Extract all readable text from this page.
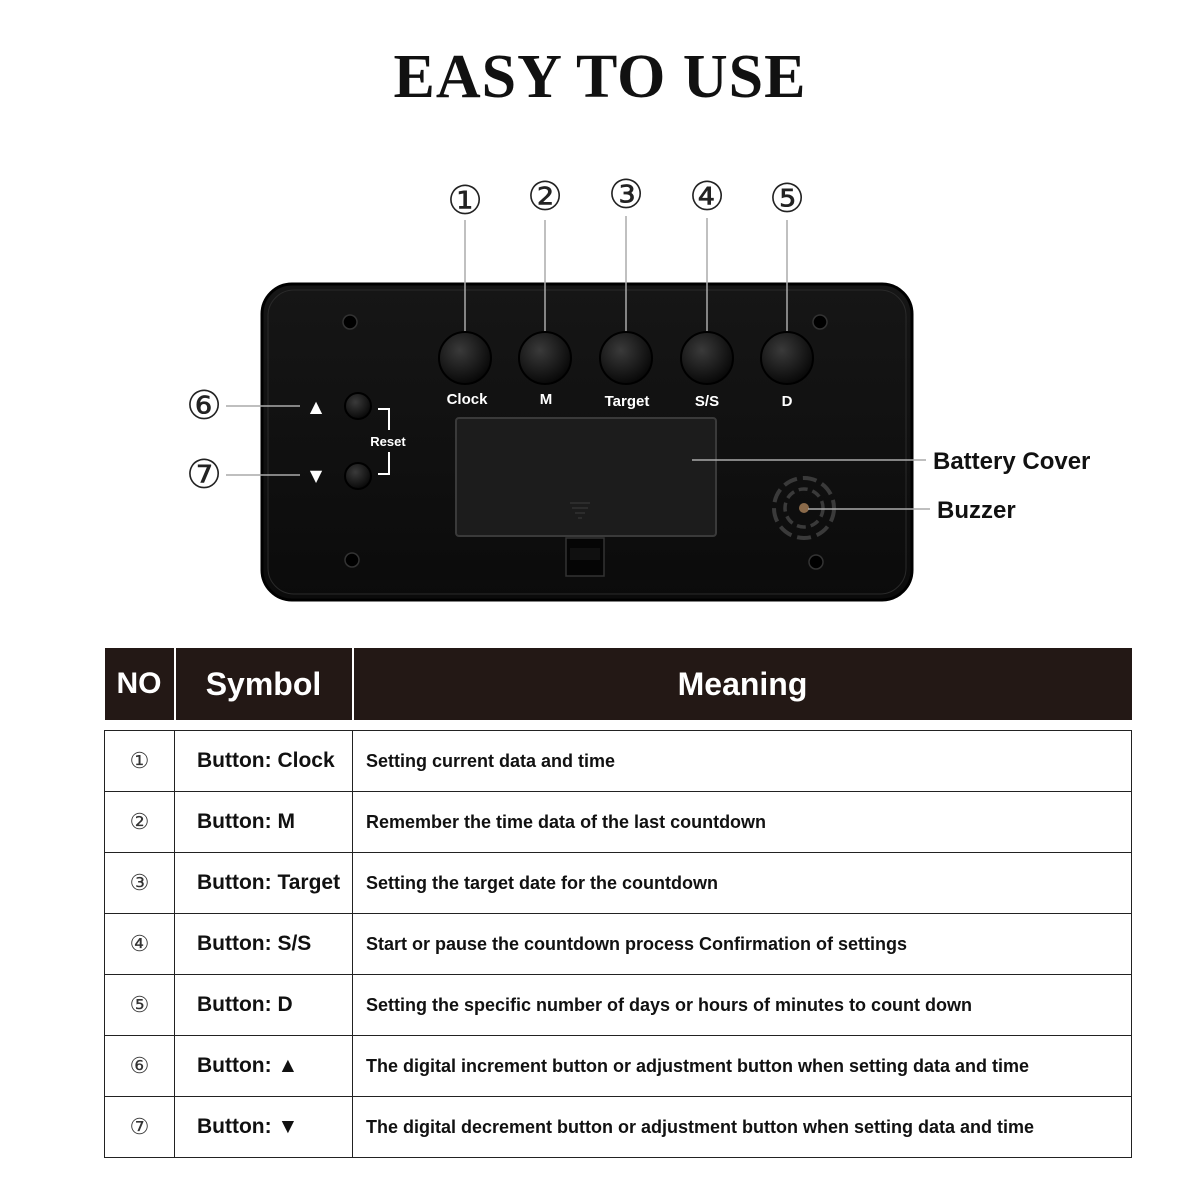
EASY TO USE
Clock	M	Target	S/S	D
① ② ③ ④ ⑤
⑥
⑦
▲
▼
Reset
Battery Cover
Buzzer
NO	Symbol	Meaning

①	Button: Clock	Setting current data and time
②	Button: M	Remember the time data of the last countdown
③	Button: Target	Setting the target date for the countdown
④	Button: S/S	Start or pause the countdown process Confirmation of settings
⑤	Button: D	Setting the specific number of days or hours of minutes to count down
⑥	Button: ▲	The digital increment button or adjustment button when setting data and time
⑦	Button: ▼	The digital decrement button or adjustment button when setting data and time
